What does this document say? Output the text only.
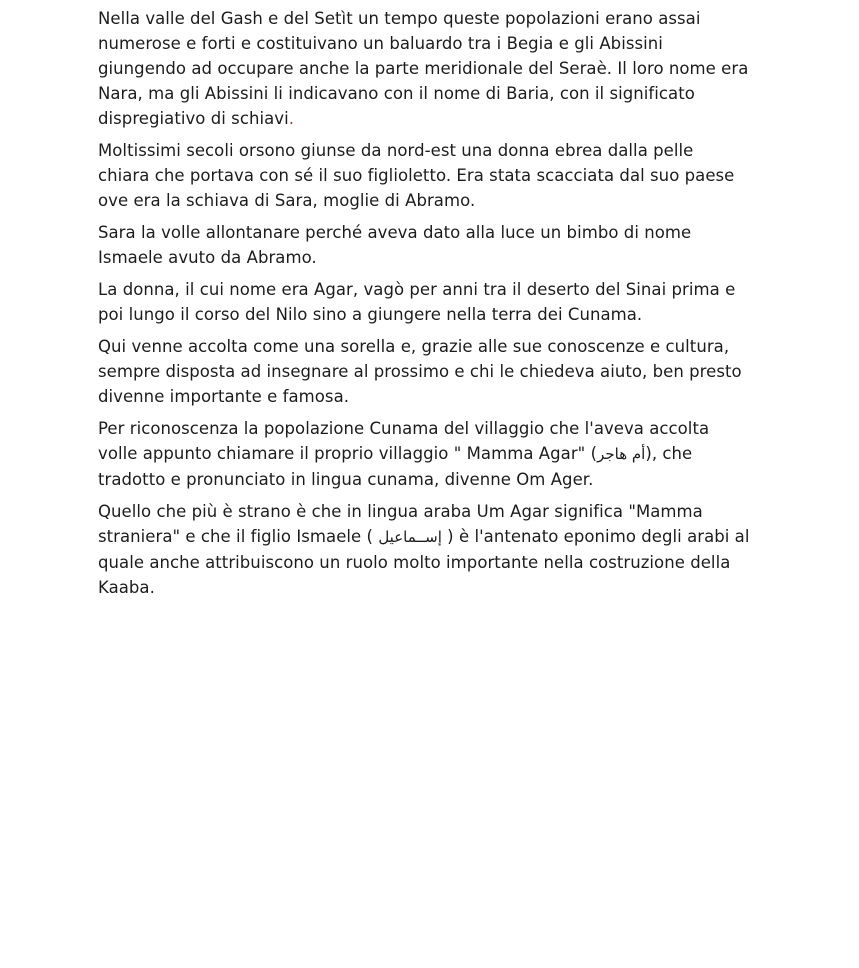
Nella valle del Gash e del Setìt un tempo queste popolazioni erano assai numerose e forti e costituivano un baluardo tra i Begia e gli Abissini giungendo ad occupare anche la parte meridionale del Seraè. Il loro nome era Nara, ma gli Abissini li indicavano con il nome di Baria, con il significato dispregiativo di schiavi.

Moltissimi secoli orsono giunse da nord-est una donna ebrea dalla pelle chiara che portava con sé il suo figlioletto. Era stata scacciata dal suo paese ove era la schiava di Sara, moglie di Abramo.

Sara la volle allontanare perché aveva dato alla luce un bimbo di nome Ismaele avuto da Abramo.

La donna, il cui nome era Agar, vagò per anni tra il deserto del Sinai prima e poi lungo il corso del Nilo sino a giungere nella terra dei Cunama.

Qui venne accolta come una sorella e, grazie alle sue conoscenze e cultura, sempre disposta ad insegnare al prossimo e chi le chiedeva aiuto, ben presto divenne importante e famosa.

Per riconoscenza la popolazione Cunama del villaggio che l'aveva accolta volle appunto chiamare il proprio villaggio " Mamma Agar" (أم هاجر), che tradotto e pronunciato in lingua cunama, divenne Om Ager.

Quello che più è strano è che in lingua araba Um Agar significa "Mamma straniera" e che il figlio Ismaele ( إســماعيل ) è l'antenato eponimo degli arabi al quale anche attribuiscono un ruolo molto importante nella costruzione della Kaaba.
